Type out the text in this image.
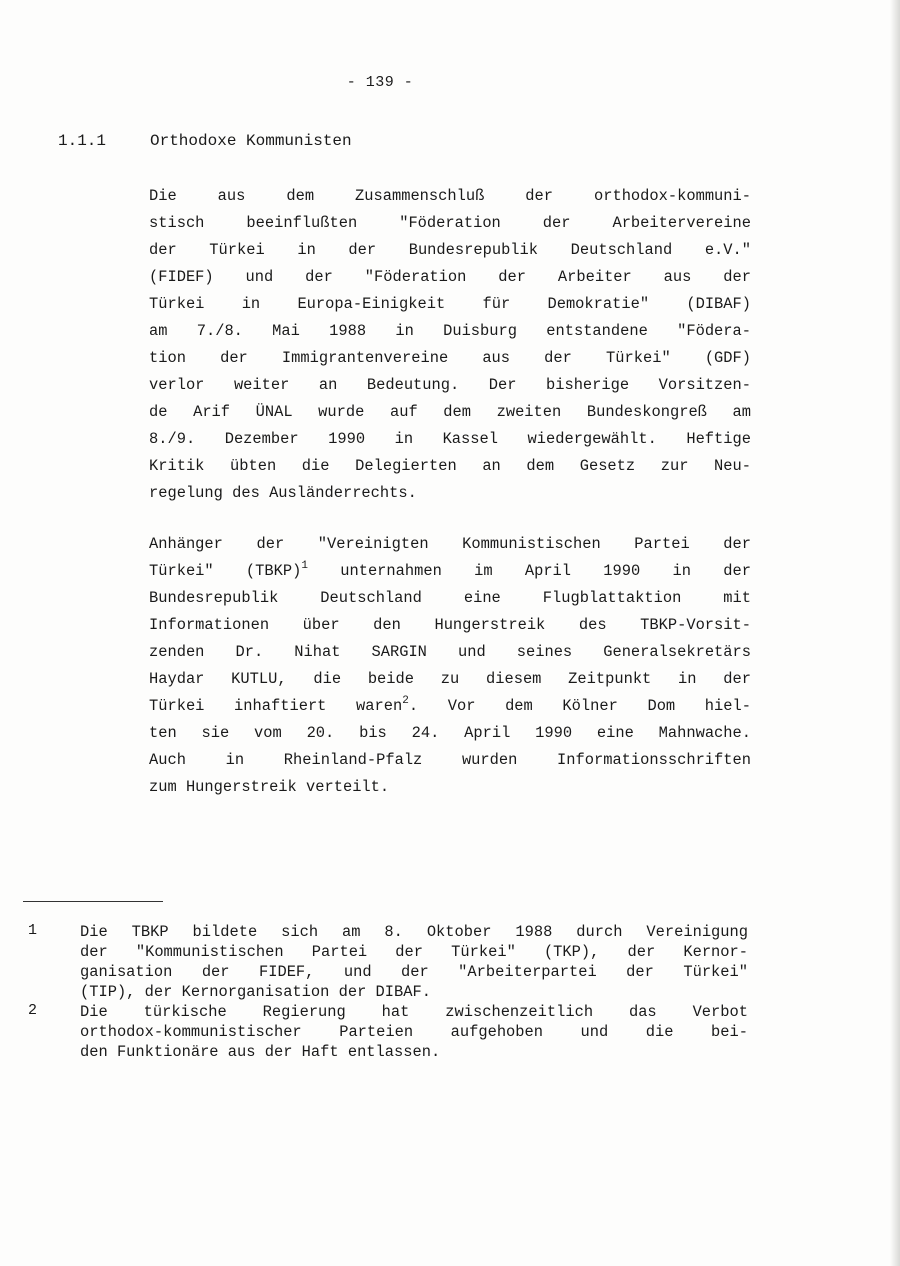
- 139 -
1.1.1	Orthodoxe Kommunisten
Die aus dem Zusammenschluß der orthodox-kommuni-
stisch beeinflußten "Föderation der Arbeitervereine
der Türkei in der Bundesrepublik Deutschland e.V."
(FIDEF) und der "Föderation der Arbeiter aus der
Türkei in Europa-Einigkeit für Demokratie" (DIBAF)
am 7./8. Mai 1988 in Duisburg entstandene "Födera-
tion der Immigrantenvereine aus der Türkei" (GDF)
verlor weiter an Bedeutung. Der bisherige Vorsitzen-
de Arif ÜNAL wurde auf dem zweiten Bundeskongreß am
8./9. Dezember 1990 in Kassel wiedergewählt. Heftige
Kritik übten die Delegierten an dem Gesetz zur Neu-
regelung des Ausländerrechts.
Anhänger der "Vereinigten Kommunistischen Partei der
Türkei" (TBKP)$^1$ unternahmen im April 1990 in der
Bundesrepublik Deutschland eine Flugblattaktion mit
Informationen über den Hungerstreik des TBKP-Vorsit-
zenden Dr. Nihat SARGIN und seines Generalsekretärs
Haydar KUTLU, die beide zu diesem Zeitpunkt in der
Türkei inhaftiert waren$^2$. Vor dem Kölner Dom hiel-
ten sie vom 20. bis 24. April 1990 eine Mahnwache.
Auch in Rheinland-Pfalz wurden Informationsschriften
zum Hungerstreik verteilt.
1	Die TBKP bildete sich am 8. Oktober 1988 durch Vereinigung
der "Kommunistischen Partei der Türkei" (TKP), der Kernor-
ganisation der FIDEF, und der "Arbeiterpartei der Türkei"
(TIP), der Kernorganisation der DIBAF.
2	Die türkische Regierung hat zwischenzeitlich das Verbot
orthodox-kommunistischer Parteien aufgehoben und die bei-
den Funktionäre aus der Haft entlassen.
